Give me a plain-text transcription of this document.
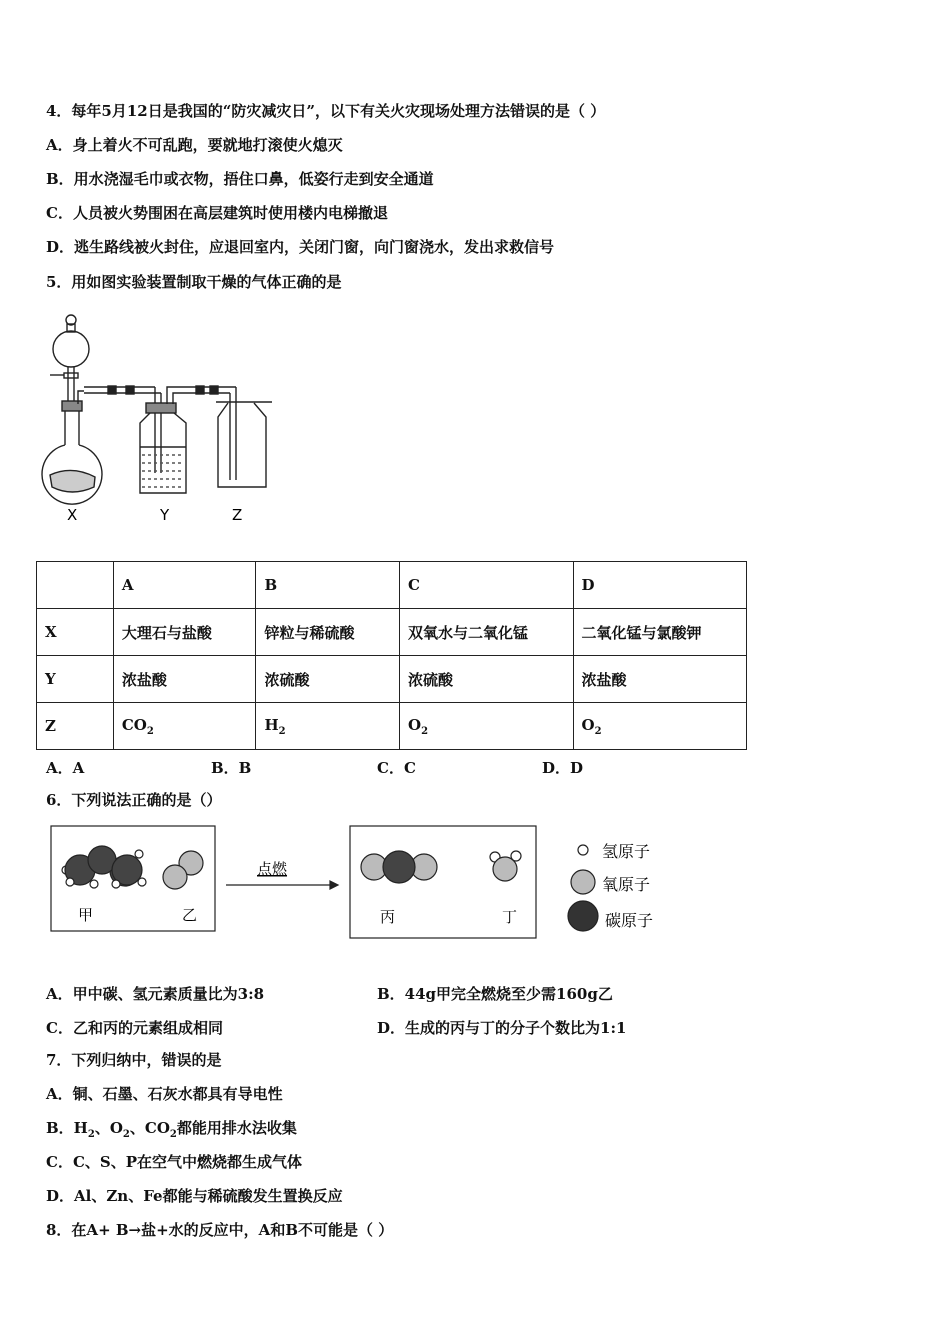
4．每年5月12日是我国的“防灾减灾日”，以下有关火灾现场处理方法错误的是（ ）
A．身上着火不可乱跑，要就地打滚使火熄灭
B．用水浇湿毛巾或衣物，捂住口鼻，低姿行走到安全通道
C．人员被火势围困在高层建筑时使用楼内电梯撤退
D．逃生路线被火封住，应退回室内，关闭门窗，向门窗浇水，发出求救信号
5．用如图实验装置制取干燥的气体正确的是
X	Y	Z
	A	B	C	D
X	大理石与盐酸	锌粒与稀硫酸	双氧水与二氧化锰	二氧化锰与氯酸钾
Y	浓盐酸	浓硫酸	浓硫酸	浓盐酸
Z	$CO_2$	$H_2$	$O_2$	$O_2$
A．A	B．B	C．C	D．D
6．下列说法正确的是（）
点燃
甲	乙	丙	丁
氢原子
氧原子
碳原子
A．甲中碳、氢元素质量比为3:8	B．44g甲完全燃烧至少需160g乙
C．乙和丙的元素组成相同	D．生成的丙与丁的分子个数比为1:1
7．下列归纳中，错误的是
A．铜、石墨、石灰水都具有导电性
B．$H_2$、$O_2$、$CO_2$都能用排水法收集
C．C、S、P在空气中燃烧都生成气体
D．Al、Zn、Fe都能与稀硫酸发生置换反应
8．在A+ B→盐+水的反应中，A和B不可能是（ ）
